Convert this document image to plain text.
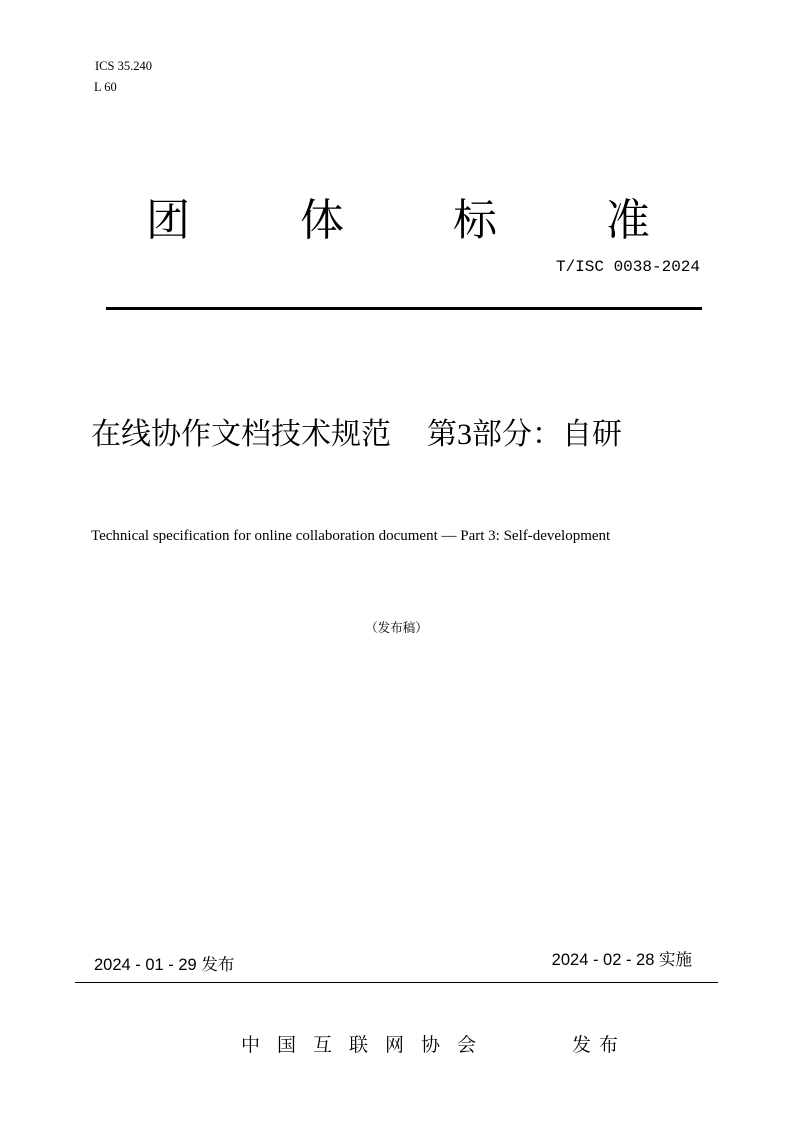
ICS 35.240
L 60
团	体 标 准
T/ISC 0038-2024
在线协作文档技术规范 第3部分：自研
Technical specification for online collaboration document — Part 3: Self-development
（发布稿）
2024 - 01 - 29 发布	2024 - 02 - 28 实施
中国互联网协会	发布
